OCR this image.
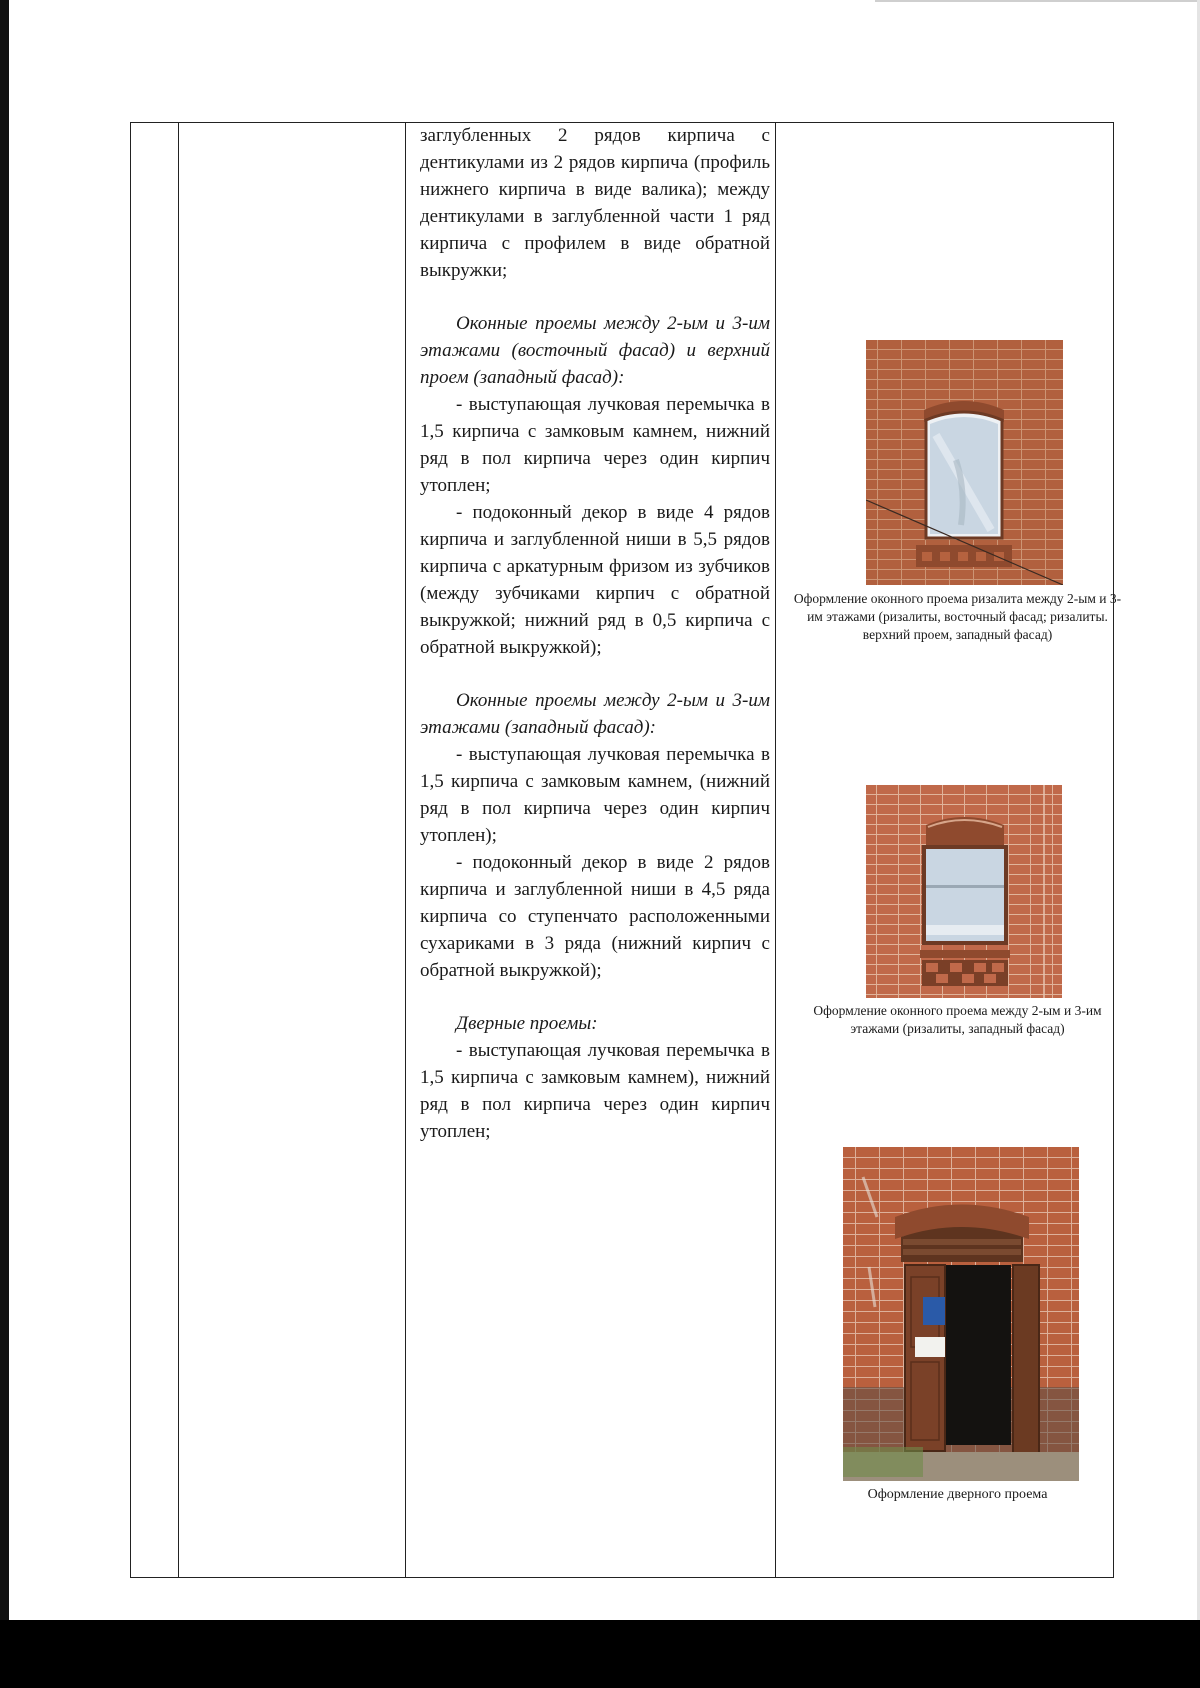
заглубленных 2 рядов кирпича с дентикулами из 2 рядов кирпича (профиль нижнего кирпича в виде валика); между дентикулами в заглубленной части 1 ряд кирпича с профилем в виде обратной выкружки;

Оконные проемы между 2-ым и 3-им этажами (восточный фасад) и верхний проем (западный фасад):

- выступающая лучковая перемычка в 1,5 кирпича с замковым камнем, нижний ряд в пол кирпича через один кирпич утоплен;

- подоконный декор в виде 4 рядов кирпича и заглубленной ниши в 5,5 рядов кирпича с аркатурным фризом из зубчиков (между зубчиками кирпич с обратной выкружкой; нижний ряд в 0,5 кирпича с обратной выкружкой);

Оконные проемы между 2-ым и 3-им этажами (западный фасад):

- выступающая лучковая перемычка в 1,5 кирпича с замковым камнем, (нижний ряд в пол кирпича через один кирпич утоплен);

- подоконный декор в виде 2 рядов кирпича и заглубленной ниши в 4,5 ряда кирпича со ступенчато расположенными сухариками в 3 ряда (нижний кирпич с обратной выкружкой);

Дверные проемы:

- выступающая лучковая перемычка в 1,5 кирпича с замковым камнем), нижний ряд в пол кирпича через один кирпич утоплен;

Оформление оконного проема ризалита между 2-ым и 3-им этажами (ризалиты, восточный фасад; ризалиты. верхний проем, западный фасад)
Оформление оконного проема между 2-ым и 3-им этажами (ризалиты, западный фасад)
Оформление дверного проема
